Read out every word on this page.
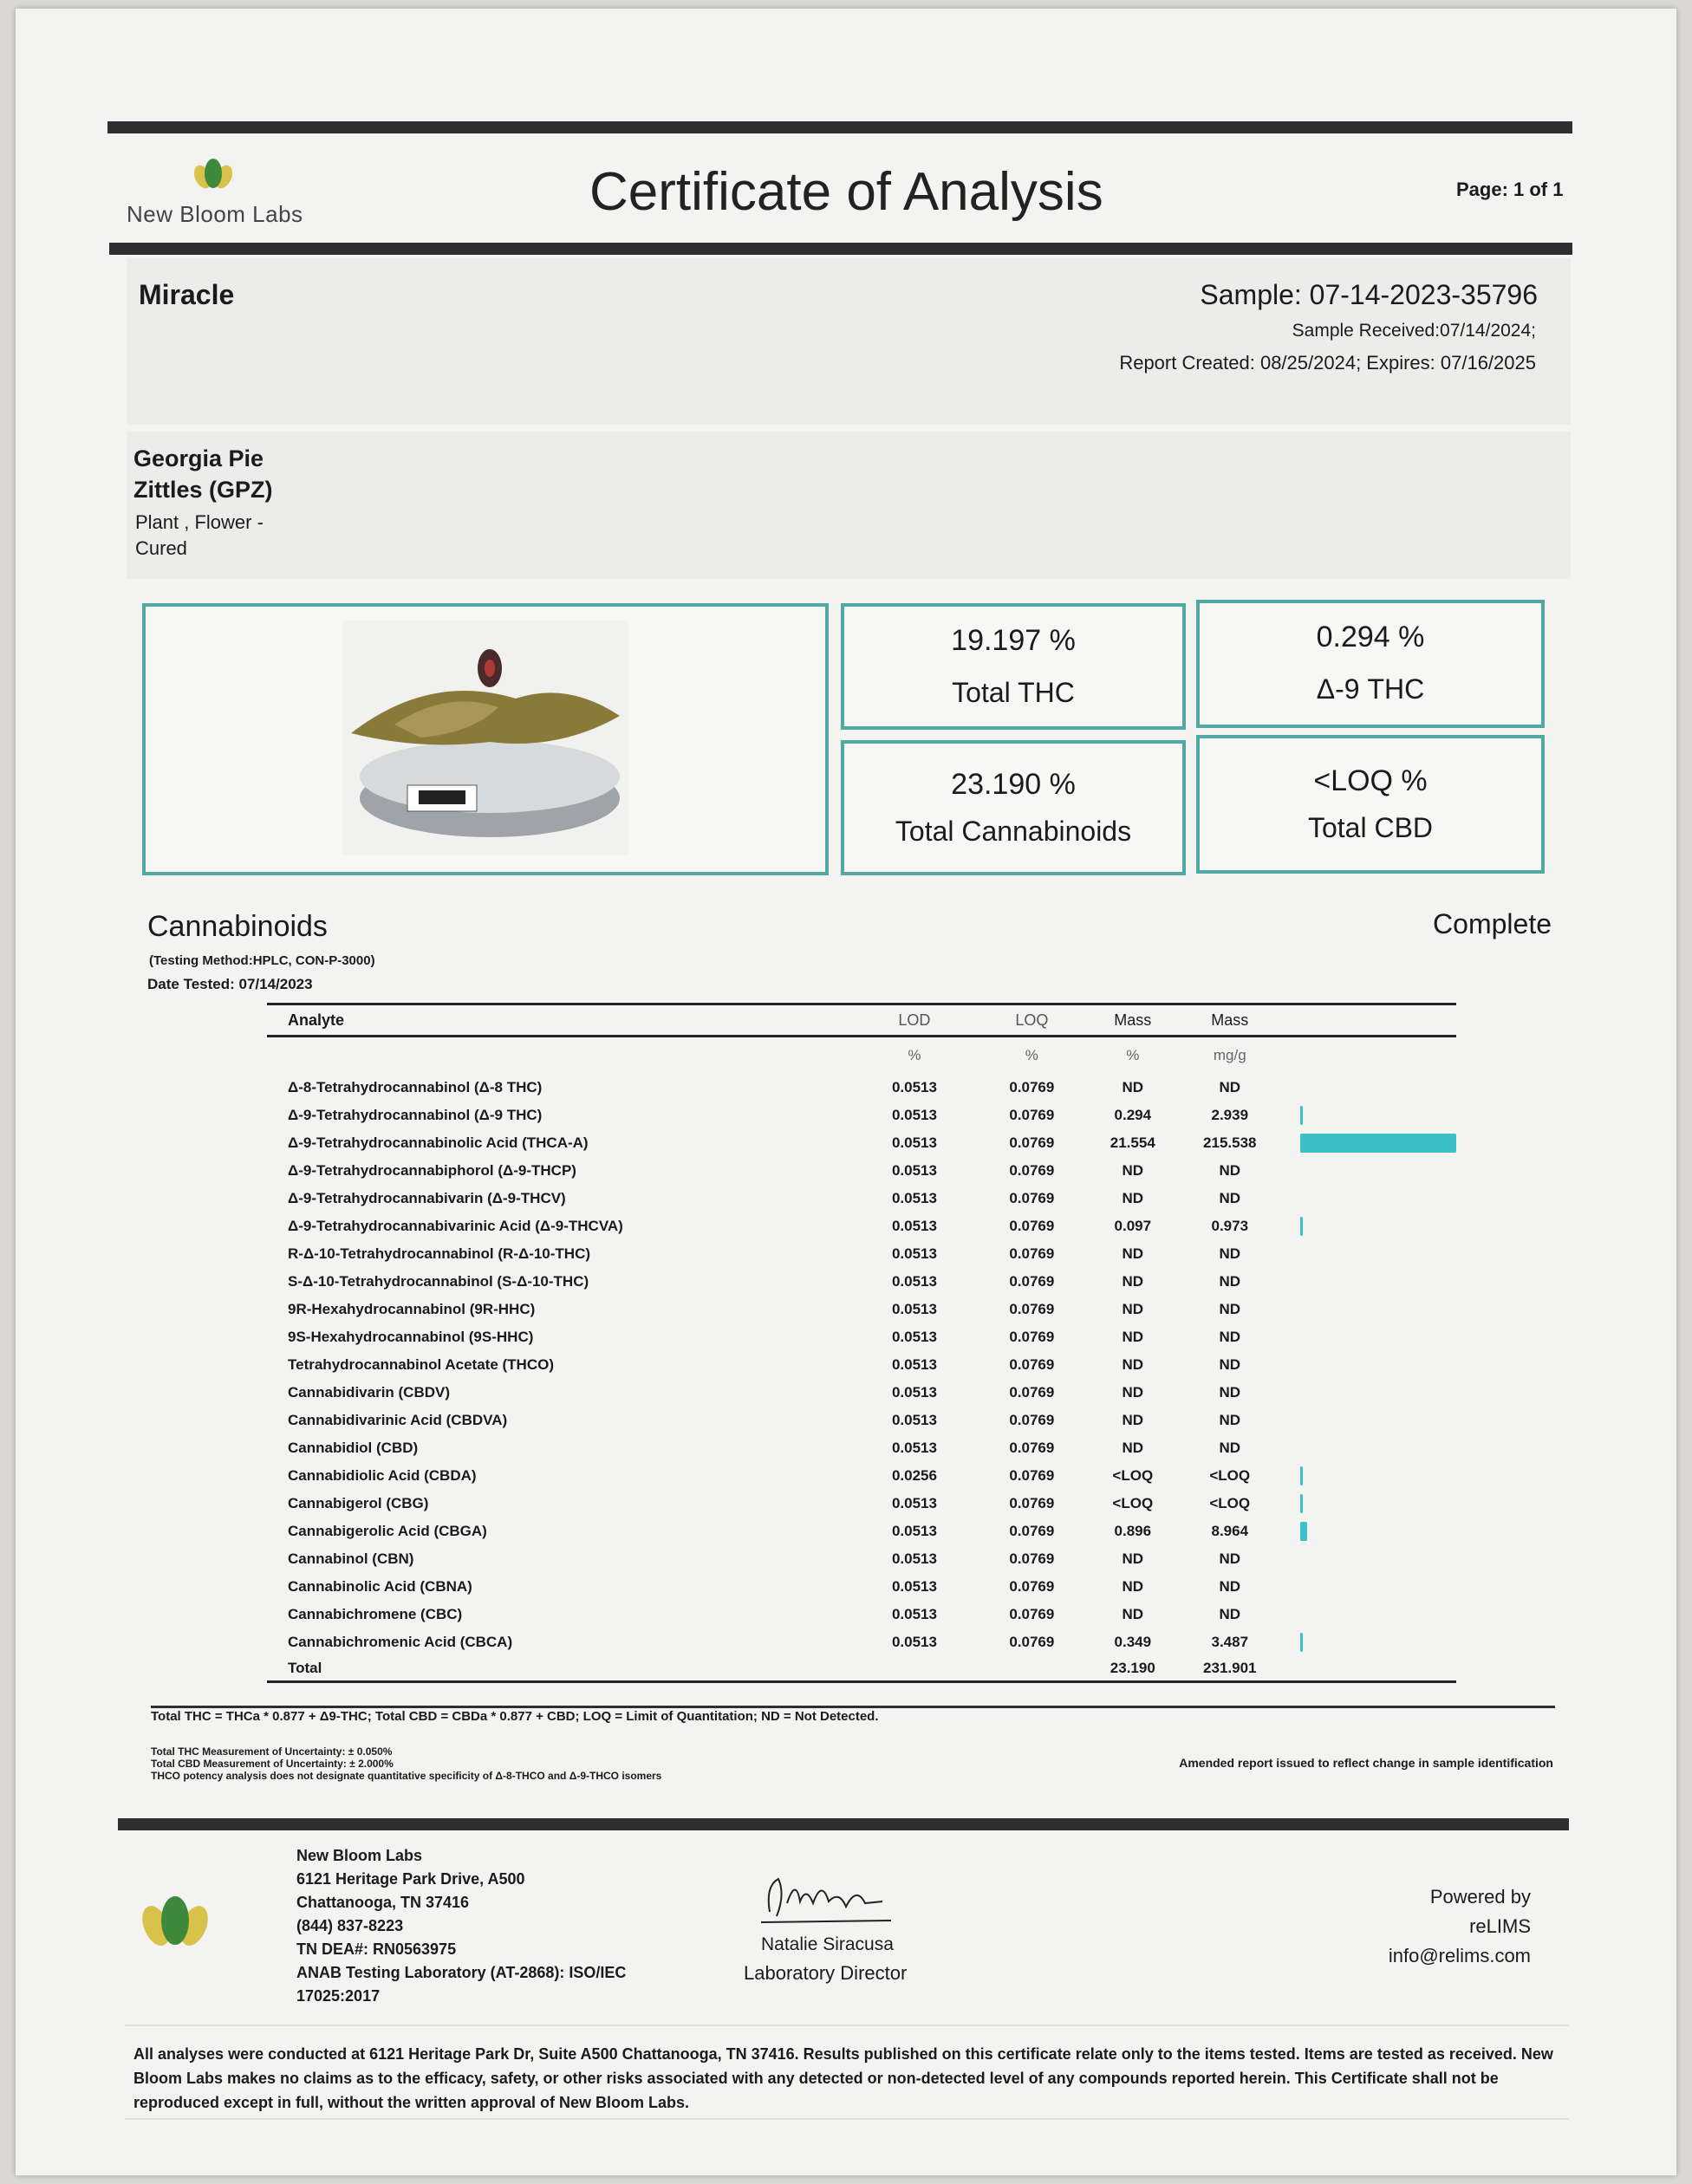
New Bloom Labs	Certificate of Analysis	Page: 1 of 1
Miracle	Sample: 07-14-2023-35796
Sample Received:07/14/2024;
Report Created: 08/25/2024; Expires: 07/16/2025
Georgia Pie
Zittles (GPZ)
Plant , Flower -
Cured
19.197 %
Total THC
0.294 %
Δ-9 THC
23.190 %
Total Cannabinoids
<LOQ %
Total CBD
Cannabinoids	Complete
(Testing Method:HPLC, CON-P-3000)
Date Tested: 07/14/2023
Analyte	LOD	LOQ	Mass	Mass	
	%	%	%	mg/g	
Δ-8-Tetrahydrocannabinol (Δ-8 THC)	0.0513	0.0769	ND	ND	
Δ-9-Tetrahydrocannabinol (Δ-9 THC)	0.0513	0.0769	0.294	2.939	

Δ-9-Tetrahydrocannabinolic Acid (THCA-A)	0.0513	0.0769	21.554	215.538	

Δ-9-Tetrahydrocannabiphorol (Δ-9-THCP)	0.0513	0.0769	ND	ND	
Δ-9-Tetrahydrocannabivarin (Δ-9-THCV)	0.0513	0.0769	ND	ND	
Δ-9-Tetrahydrocannabivarinic Acid (Δ-9-THCVA)	0.0513	0.0769	0.097	0.973	

R-Δ-10-Tetrahydrocannabinol (R-Δ-10-THC)	0.0513	0.0769	ND	ND	
S-Δ-10-Tetrahydrocannabinol (S-Δ-10-THC)	0.0513	0.0769	ND	ND	
9R-Hexahydrocannabinol (9R-HHC)	0.0513	0.0769	ND	ND	
9S-Hexahydrocannabinol (9S-HHC)	0.0513	0.0769	ND	ND	
Tetrahydrocannabinol Acetate (THCO)	0.0513	0.0769	ND	ND	
Cannabidivarin (CBDV)	0.0513	0.0769	ND	ND	
Cannabidivarinic Acid (CBDVA)	0.0513	0.0769	ND	ND	
Cannabidiol (CBD)	0.0513	0.0769	ND	ND	
Cannabidiolic Acid (CBDA)	0.0256	0.0769	<LOQ	<LOQ	

Cannabigerol (CBG)	0.0513	0.0769	<LOQ	<LOQ	

Cannabigerolic Acid (CBGA)	0.0513	0.0769	0.896	8.964	

Cannabinol (CBN)	0.0513	0.0769	ND	ND	
Cannabinolic Acid (CBNA)	0.0513	0.0769	ND	ND	
Cannabichromene (CBC)	0.0513	0.0769	ND	ND	
Cannabichromenic Acid (CBCA)	0.0513	0.0769	0.349	3.487	

Total			23.190	231.901	
Total THC = THCa * 0.877 + Δ9-THC; Total CBD = CBDa * 0.877 + CBD; LOQ = Limit of Quantitation; ND = Not Detected.
Total THC Measurement of Uncertainty: ± 0.050%
Total CBD Measurement of Uncertainty: ± 2.000%
THCO potency analysis does not designate quantitative specificity of Δ-8-THCO and Δ-9-THCO isomers
Amended report issued to reflect change in sample identification
New Bloom Labs
6121 Heritage Park Drive, A500
Chattanooga, TN 37416
(844) 837-8223
TN DEA#: RN0563975
ANAB Testing Laboratory (AT-2868): ISO/IEC
17025:2017
Natalie Siracusa
Laboratory Director
Powered by
reLIMS
info@relims.com
All analyses were conducted at 6121 Heritage Park Dr, Suite A500 Chattanooga, TN 37416. Results published on this certificate relate only to the items tested. Items are tested as received. New Bloom Labs makes no claims as to the efficacy, safety, or other risks associated with any detected or non-detected level of any compounds reported herein. This Certificate shall not be reproduced except in full, without the written approval of New Bloom Labs.
